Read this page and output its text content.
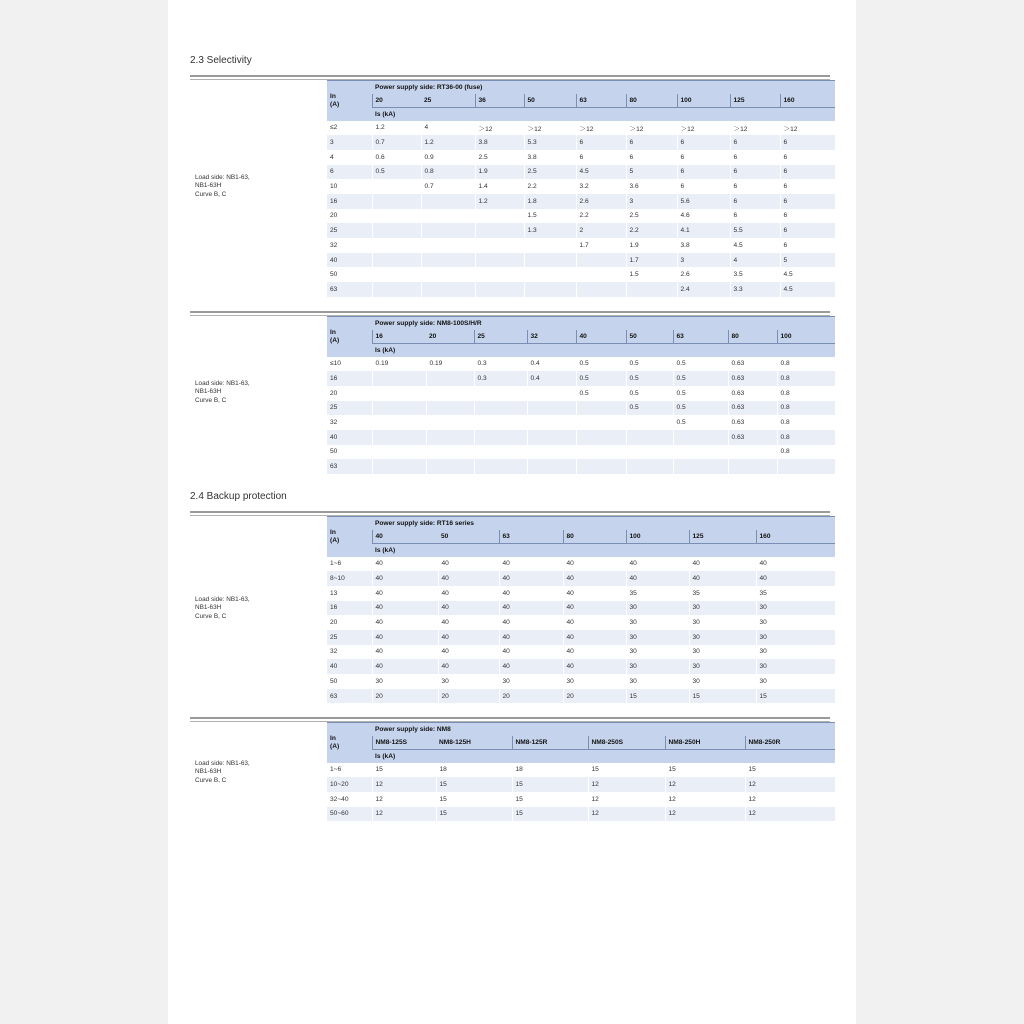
2.3 Selectivity
2.4 Backup protection
Load side: NB1-63,
NB1-63H
Curve B, C
In
(A)	Power supply side: RT36-00 (fuse)								
	20	25	36	50	63	80	100	125	160
	Is (kA)								
≤2	1.2	4	＞12	＞12	＞12	＞12	＞12	＞12	＞12
3	0.7	1.2	3.8	5.3	6	6	6	6	6
4	0.6	0.9	2.5	3.8	6	6	6	6	6
6	0.5	0.8	1.9	2.5	4.5	5	6	6	6
10		0.7	1.4	2.2	3.2	3.6	6	6	6
16			1.2	1.8	2.6	3	5.6	6	6
20				1.5	2.2	2.5	4.6	6	6
25				1.3	2	2.2	4.1	5.5	6
32					1.7	1.9	3.8	4.5	6
40						1.7	3	4	5
50						1.5	2.6	3.5	4.5
63							2.4	3.3	4.5
Load side: NB1-63,
NB1-63H
Curve B, C
In
(A)	Power supply side: NM8-100S/H/R								
	16	20	25	32	40	50	63	80	100
	Is (kA)								
≤10	0.19	0.19	0.3	0.4	0.5	0.5	0.5	0.63	0.8
16			0.3	0.4	0.5	0.5	0.5	0.63	0.8
20					0.5	0.5	0.5	0.63	0.8
25						0.5	0.5	0.63	0.8
32							0.5	0.63	0.8
40								0.63	0.8
50									0.8
63									
Load side: NB1-63,
NB1-63H
Curve B, C
In
(A)	Power supply side: RT16 series						
	40	50	63	80	100	125	160
	Is (kA)						
1~6	40	40	40	40	40	40	40
8~10	40	40	40	40	40	40	40
13	40	40	40	40	35	35	35
16	40	40	40	40	30	30	30
20	40	40	40	40	30	30	30
25	40	40	40	40	30	30	30
32	40	40	40	40	30	30	30
40	40	40	40	40	30	30	30
50	30	30	30	30	30	30	30
63	20	20	20	20	15	15	15
Load side: NB1-63,
NB1-63H
Curve B, C
In
(A)	Power supply side: NM8					
	NM8-125S	NM8-125H	NM8-125R	NM8-250S	NM8-250H	NM8-250R
	Is (kA)					
1~6	15	18	18	15	15	15
10~20	12	15	15	12	12	12
32~40	12	15	15	12	12	12
50~60	12	15	15	12	12	12
